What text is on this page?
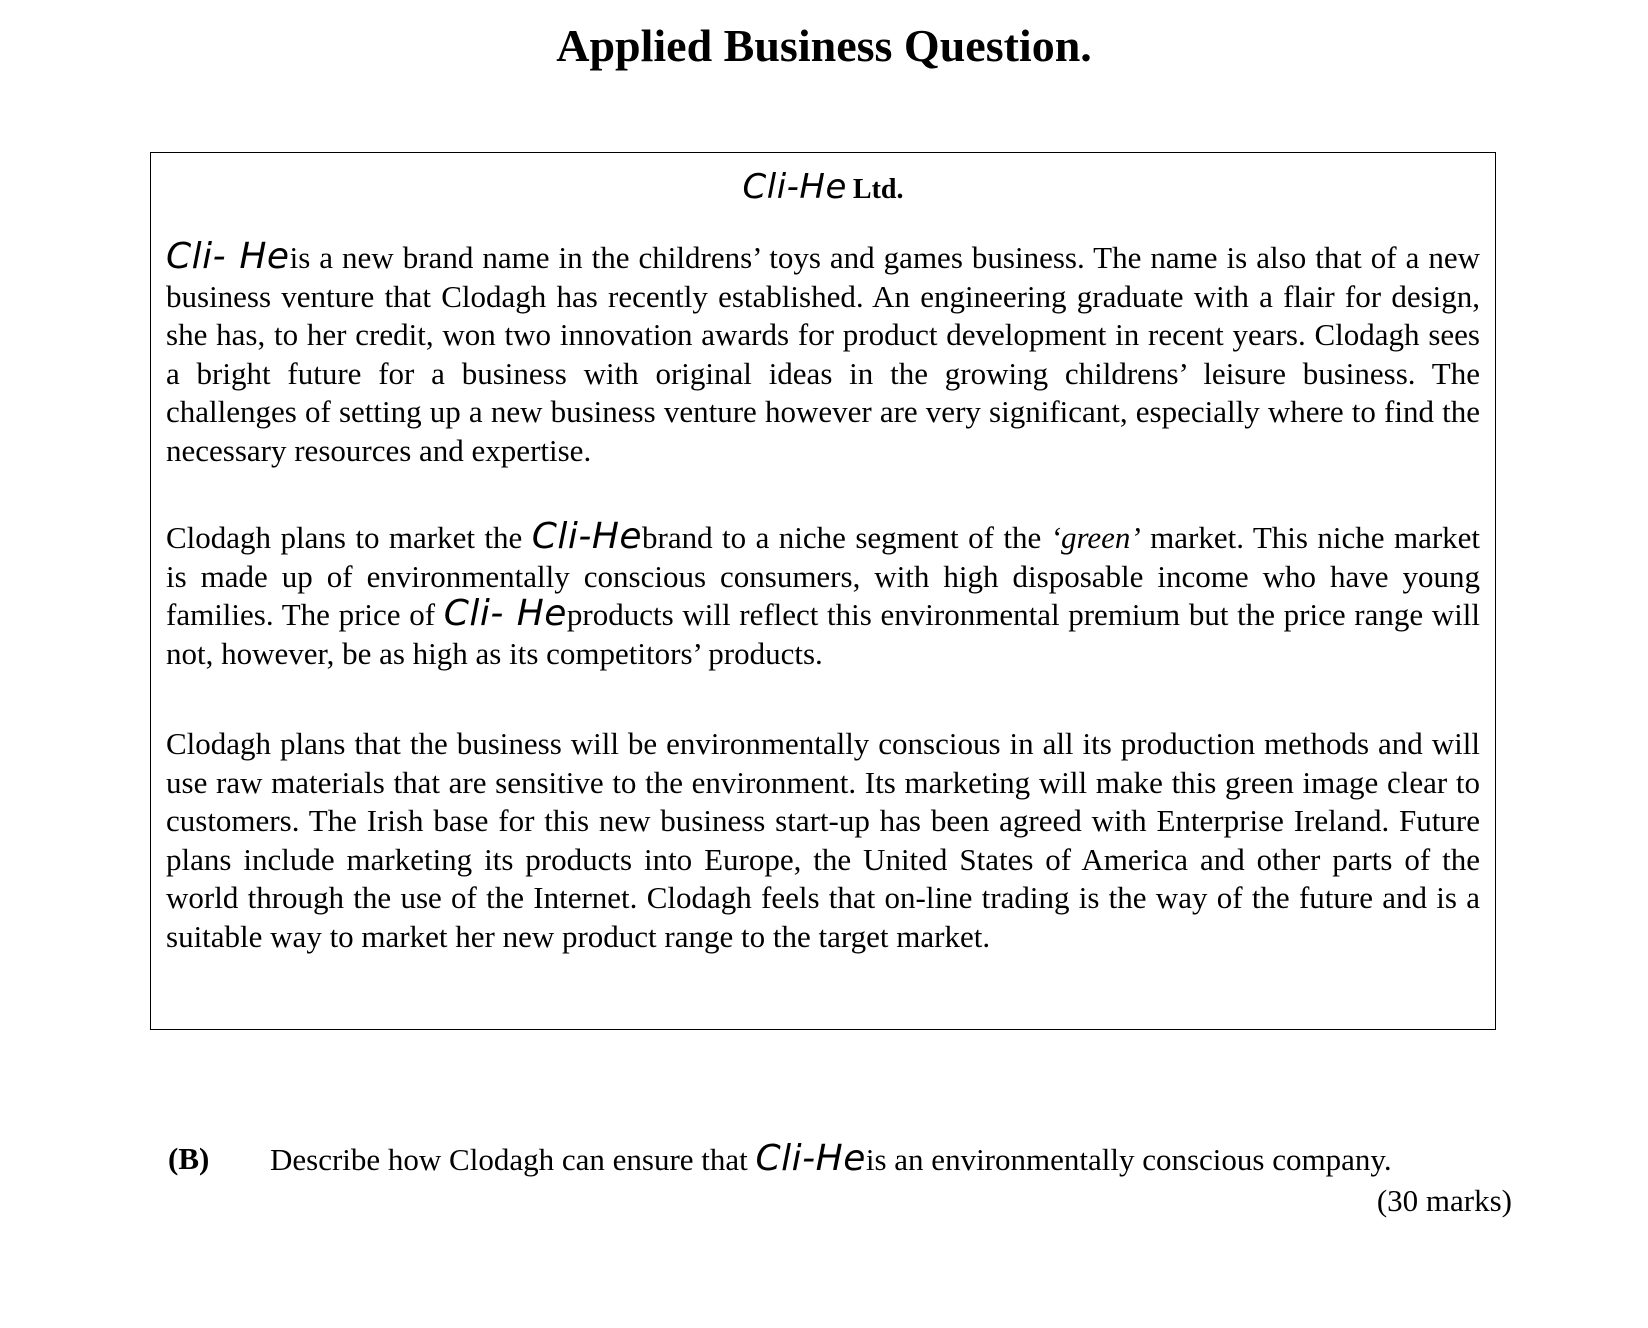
Applied Business Question.
Cli-He Ltd.

Cli- Heis a new brand name in the childrens’ toys and games business. The name is also that of a new business venture that Clodagh has recently established. An engineering graduate with a flair for design, she has, to her credit, won two innovation awards for product development in recent years. Clodagh sees a bright future for a business with original ideas in the growing childrens’ leisure business. The challenges of setting up a new business venture however are very significant, especially where to find the necessary resources and expertise.

Clodagh plans to market the Cli-Hebrand to a niche segment of the ‘green’ market. This niche market is made up of environmentally conscious consumers, with high disposable income who have young families. The price of Cli- Heproducts will reflect this environmental premium but the price range will not, however, be as high as its competitors’ products.

Clodagh plans that the business will be environmentally conscious in all its production methods and will use raw materials that are sensitive to the environment. Its marketing will make this green image clear to customers. The Irish base for this new business start-up has been agreed with Enterprise Ireland. Future plans include marketing its products into Europe, the United States of America and other parts of the world through the use of the Internet. Clodagh feels that on-line trading is the way of the future and is a suitable way to market her new product range to the target market.

(B) Describe how Clodagh can ensure that Cli-Heis an environmentally conscious company.
(30 marks)
